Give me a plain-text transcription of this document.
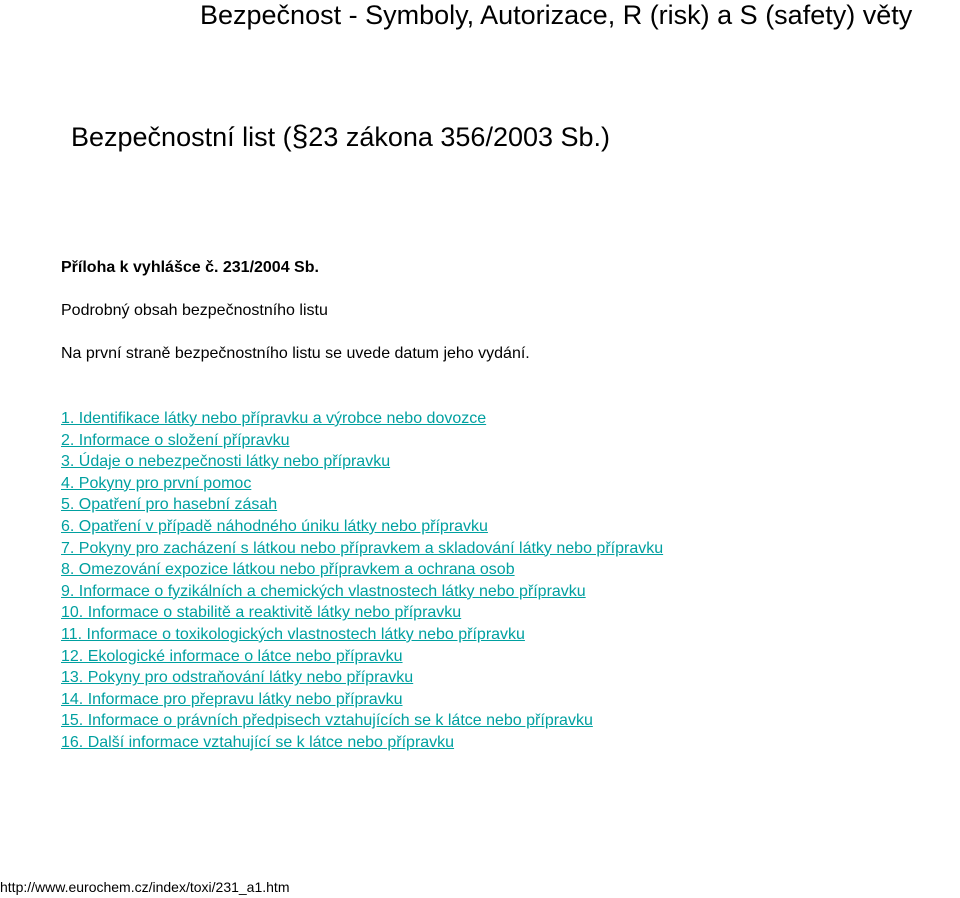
Bezpečnost - Symboly, Autorizace, R (risk) a S (safety) věty
Bezpečnostní list (§23 zákona 356/2003 Sb.)
Příloha k vyhlášce č. 231/2004 Sb.
Podrobný obsah bezpečnostního listu
Na první straně bezpečnostního listu se uvede datum jeho vydání.
1. Identifikace látky nebo přípravku a výrobce nebo dovozce
2. Informace o složení přípravku
3. Údaje o nebezpečnosti látky nebo přípravku
4. Pokyny pro první pomoc
5. Opatření pro hasební zásah
6. Opatření v případě náhodného úniku látky nebo přípravku
7. Pokyny pro zacházení s látkou nebo přípravkem a skladování látky nebo přípravku
8. Omezování expozice látkou nebo přípravkem a ochrana osob
9. Informace o fyzikálních a chemických vlastnostech látky nebo přípravku
10. Informace o stabilitě a reaktivitě látky nebo přípravku
11. Informace o toxikologických vlastnostech látky nebo přípravku
12. Ekologické informace o látce nebo přípravku
13. Pokyny pro odstraňování látky nebo přípravku
14. Informace pro přepravu látky nebo přípravku
15. Informace o právních předpisech vztahujících se k látce nebo přípravku
16. Další informace vztahující se k látce nebo přípravku
http://www.eurochem.cz/index/toxi/231_a1.htm
